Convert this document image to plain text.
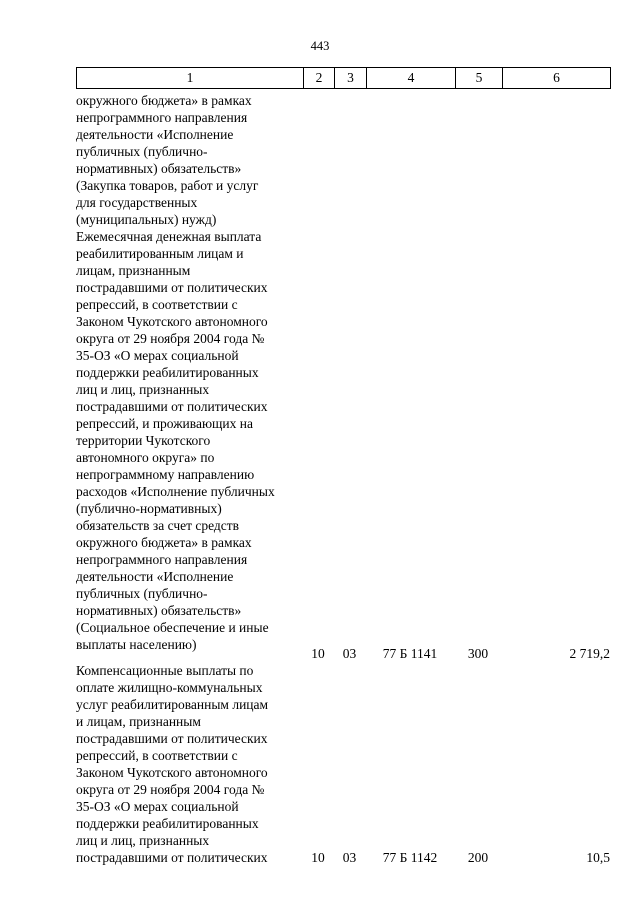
443
1	2	3	4	5	6
окружного бюджета» в рамках
непрограммного направления
деятельности «Исполнение
публичных (публично-
нормативных) обязательств»
(Закупка товаров, работ и услуг
для государственных
(муниципальных) нужд)
Ежемесячная денежная выплата
реабилитированным лицам и
лицам, признанным
пострадавшими от политических
репрессий, в соответствии с
Законом Чукотского автономного
округа от 29 ноября 2004 года №
35-ОЗ «О мерах социальной
поддержки реабилитированных
лиц и лиц, признанных
пострадавшими от политических
репрессий, и проживающих на
территории Чукотского
автономного округа» по
непрограммному направлению
расходов «Исполнение публичных
(публично-нормативных)
обязательств за счет средств
окружного бюджета» в рамках
непрограммного направления
деятельности «Исполнение
публичных (публично-
нормативных) обязательств»
(Социальное обеспечение и иные
выплаты населению)
10	03	77 Б 1141	300	2 719,2
Компенсационные выплаты по
оплате жилищно-коммунальных
услуг реабилитированным лицам
и лицам, признанным
пострадавшими от политических
репрессий, в соответствии с
Законом Чукотского автономного
округа от 29 ноября 2004 года №
35-ОЗ «О мерах социальной
поддержки реабилитированных
лиц и лиц, признанных
пострадавшими от политических	10	03	77 Б 1142	200	10,5
